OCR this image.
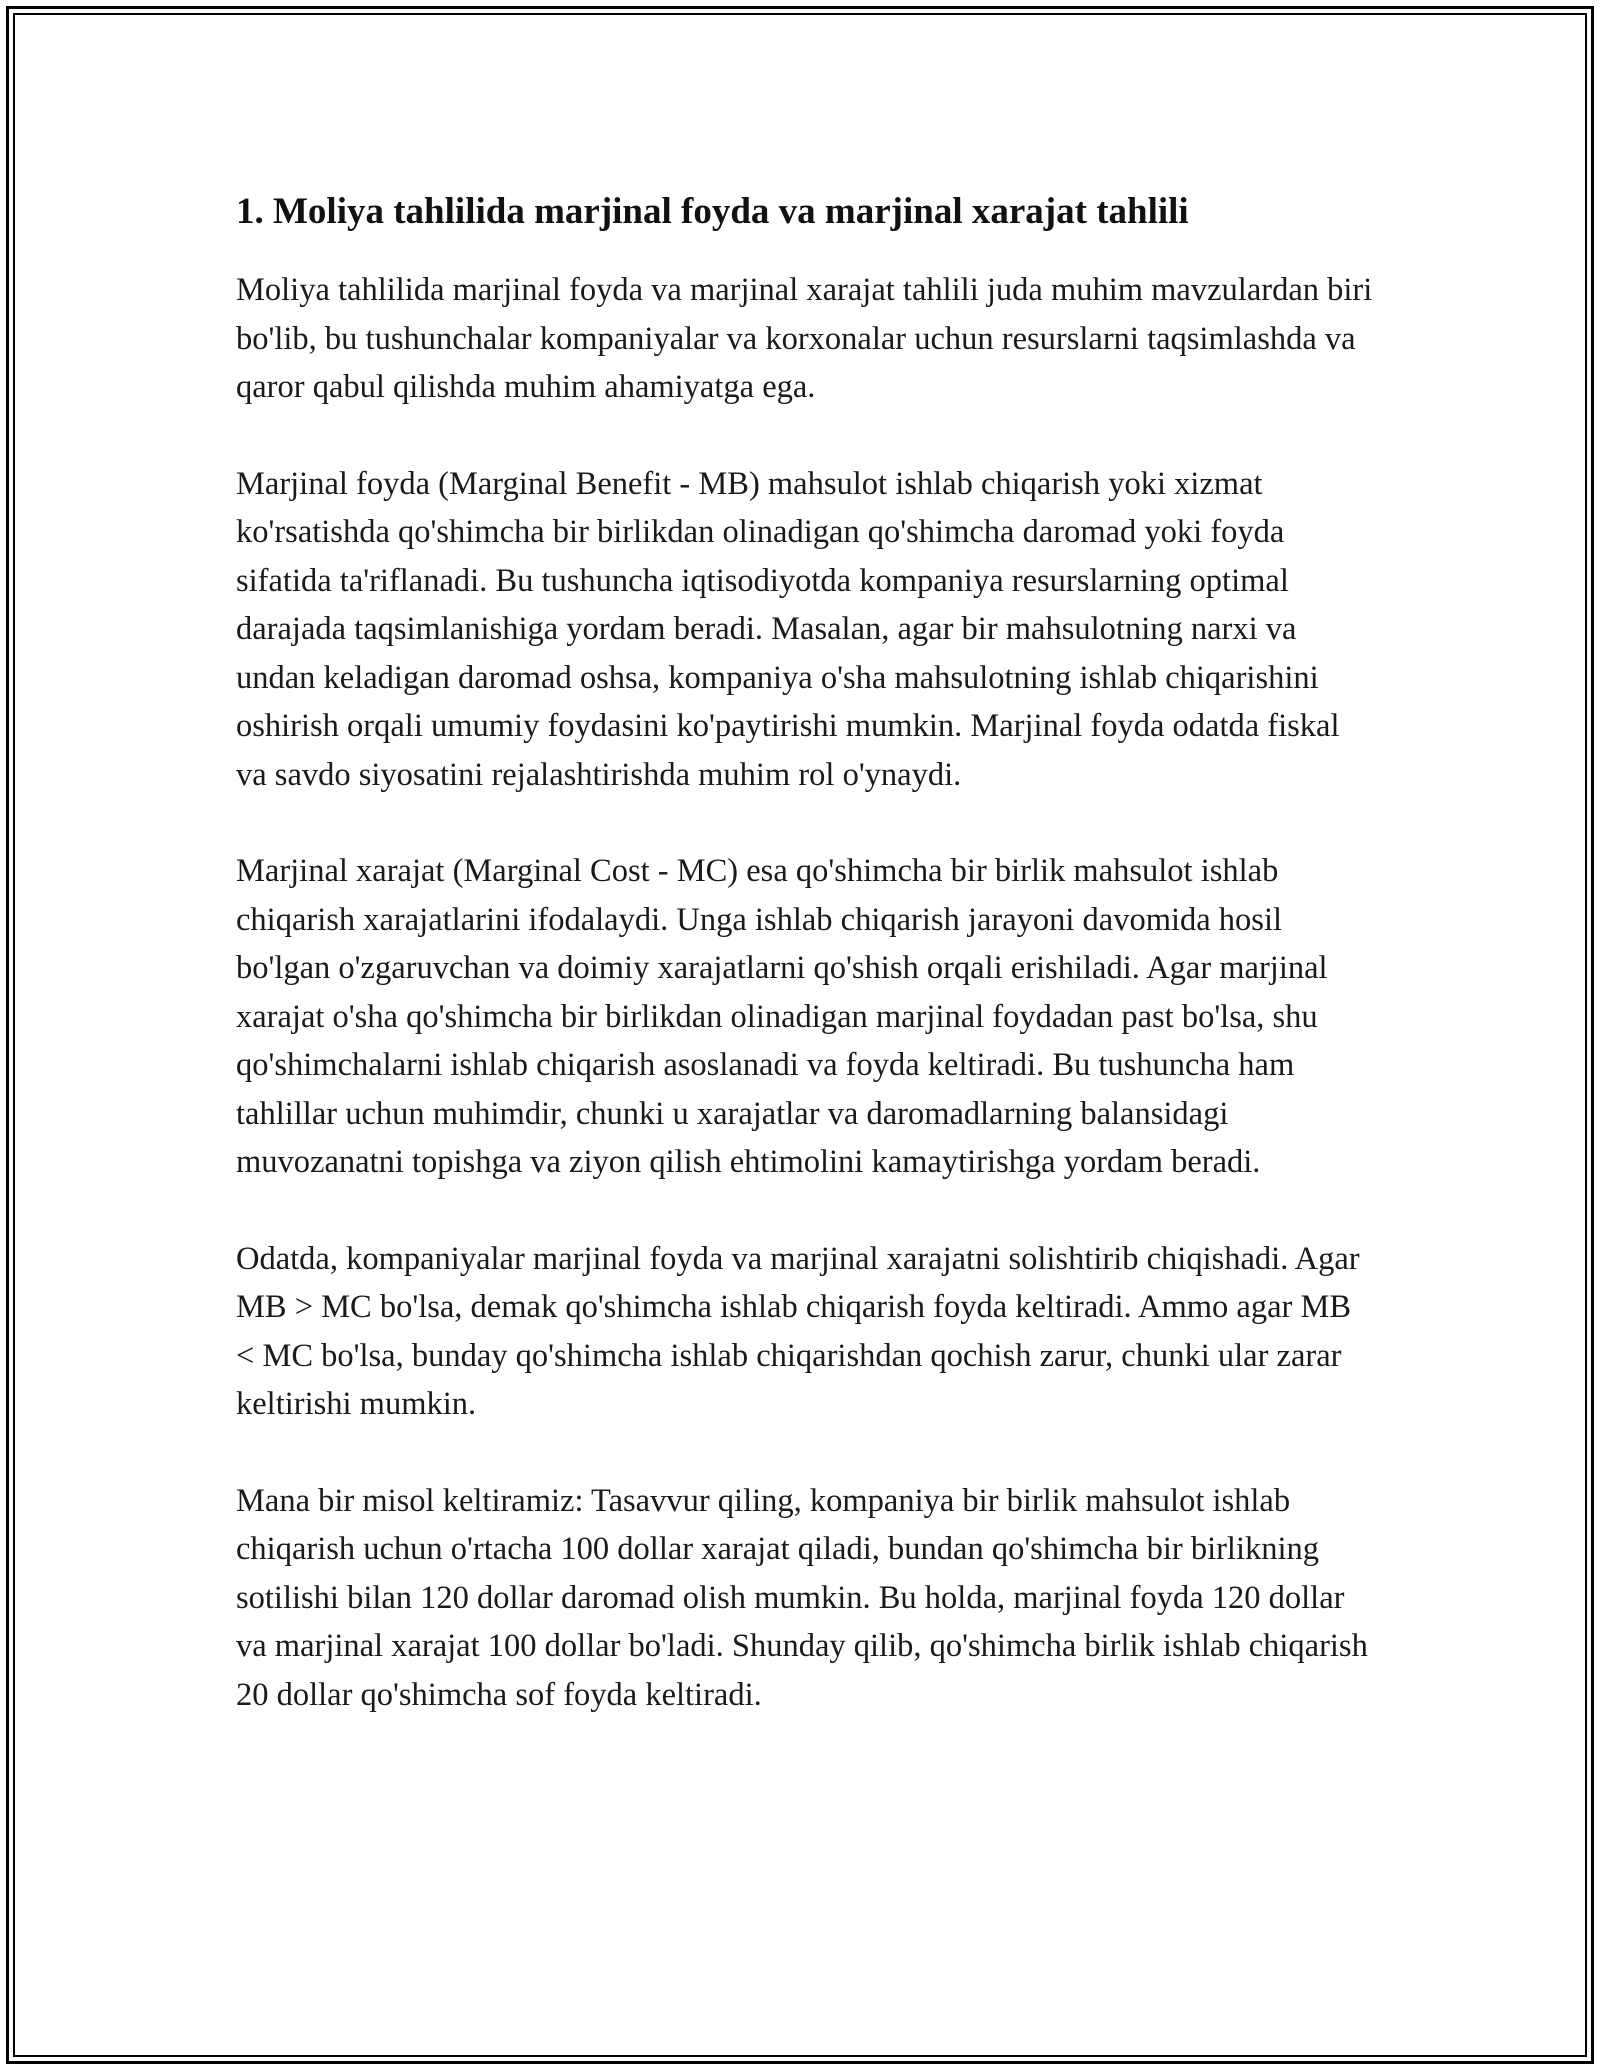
1. Moliya tahlilida marjinal foyda va marjinal xarajat tahlili

Moliya tahlilida marjinal foyda va marjinal xarajat tahlili juda muhim mavzulardan biri bo'lib, bu tushunchalar kompaniyalar va korxonalar uchun resurslarni taqsimlashda va qaror qabul qilishda muhim ahamiyatga ega.

Marjinal foyda (Marginal Benefit - MB) mahsulot ishlab chiqarish yoki xizmat ko'rsatishda qo'shimcha bir birlikdan olinadigan qo'shimcha daromad yoki foyda sifatida ta'riflanadi. Bu tushuncha iqtisodiyotda kompaniya resurslarning optimal darajada taqsimlanishiga yordam beradi. Masalan, agar bir mahsulotning narxi va undan keladigan daromad oshsa, kompaniya o'sha mahsulotning ishlab chiqarishini oshirish orqali umumiy foydasini ko'paytirishi mumkin. Marjinal foyda odatda fiskal va savdo siyosatini rejalashtirishda muhim rol o'ynaydi.

Marjinal xarajat (Marginal Cost - MC) esa qo'shimcha bir birlik mahsulot ishlab chiqarish xarajatlarini ifodalaydi. Unga ishlab chiqarish jarayoni davomida hosil bo'lgan o'zgaruvchan va doimiy xarajatlarni qo'shish orqali erishiladi. Agar marjinal xarajat o'sha qo'shimcha bir birlikdan olinadigan marjinal foydadan past bo'lsa, shu qo'shimchalarni ishlab chiqarish asoslanadi va foyda keltiradi. Bu tushuncha ham tahlillar uchun muhimdir, chunki u xarajatlar va daromadlarning balansidagi muvozanatni topishga va ziyon qilish ehtimolini kamaytirishga yordam beradi.

Odatda, kompaniyalar marjinal foyda va marjinal xarajatni solishtirib chiqishadi. Agar MB > MC bo'lsa, demak qo'shimcha ishlab chiqarish foyda keltiradi. Ammo agar MB < MC bo'lsa, bunday qo'shimcha ishlab chiqarishdan qochish zarur, chunki ular zarar keltirishi mumkin.

Mana bir misol keltiramiz: Tasavvur qiling, kompaniya bir birlik mahsulot ishlab chiqarish uchun o'rtacha 100 dollar xarajat qiladi, bundan qo'shimcha bir birlikning sotilishi bilan 120 dollar daromad olish mumkin. Bu holda, marjinal foyda 120 dollar va marjinal xarajat 100 dollar bo'ladi. Shunday qilib, qo'shimcha birlik ishlab chiqarish 20 dollar qo'shimcha sof foyda keltiradi.
